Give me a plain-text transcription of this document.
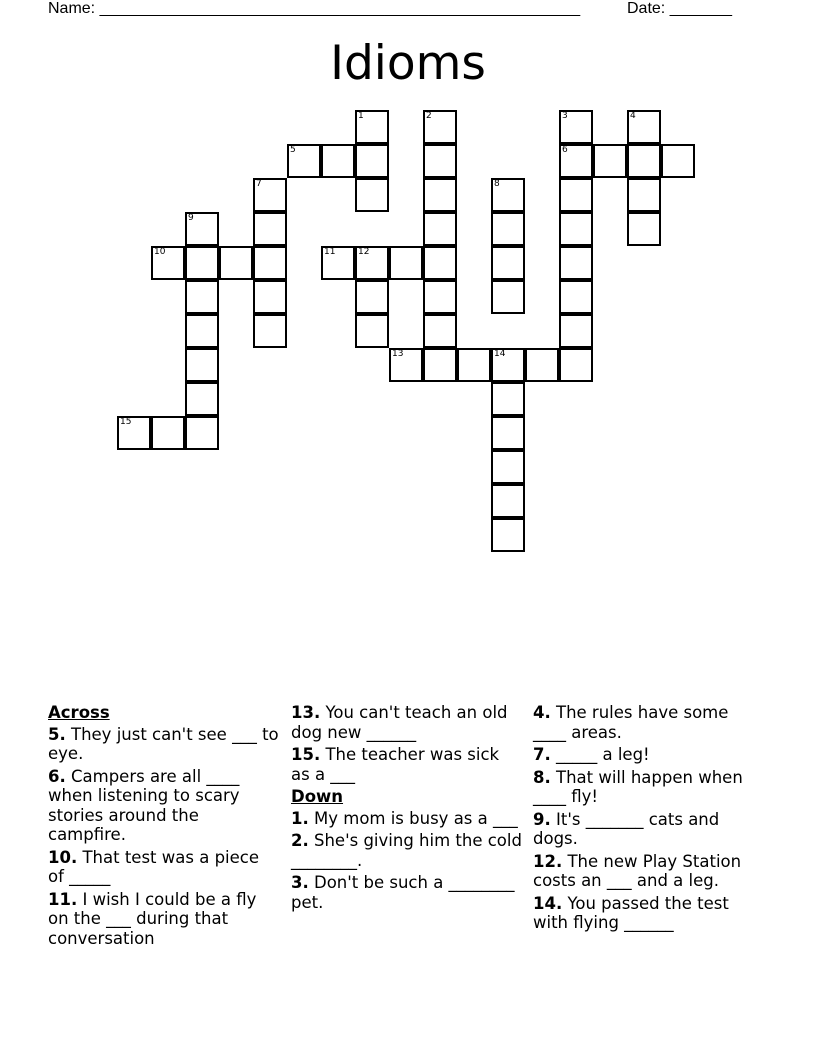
Name: ______________________________________________________	Date: _______
Idioms
1	2	3
6
4
5
7	8
9
10	11	12
13	14
15
Across
5. They just can't see ___ to eye.
6. Campers are all ____ when listening to scary stories around the campfire.
10. That test was a piece of _____
11. I wish I could be a fly on the ___ during that conversation
13. You can't teach an old dog new ______
15. The teacher was sick as a ___
Down
1. My mom is busy as a ___
2. She's giving him the cold ________.
3. Don't be such a ________ pet.
4. The rules have some ____ areas.
7. _____ a leg!
8. That will happen when ____ fly!
9. It's _______ cats and dogs.
12. The new Play Station costs an ___ and a leg.
14. You passed the test with flying ______
